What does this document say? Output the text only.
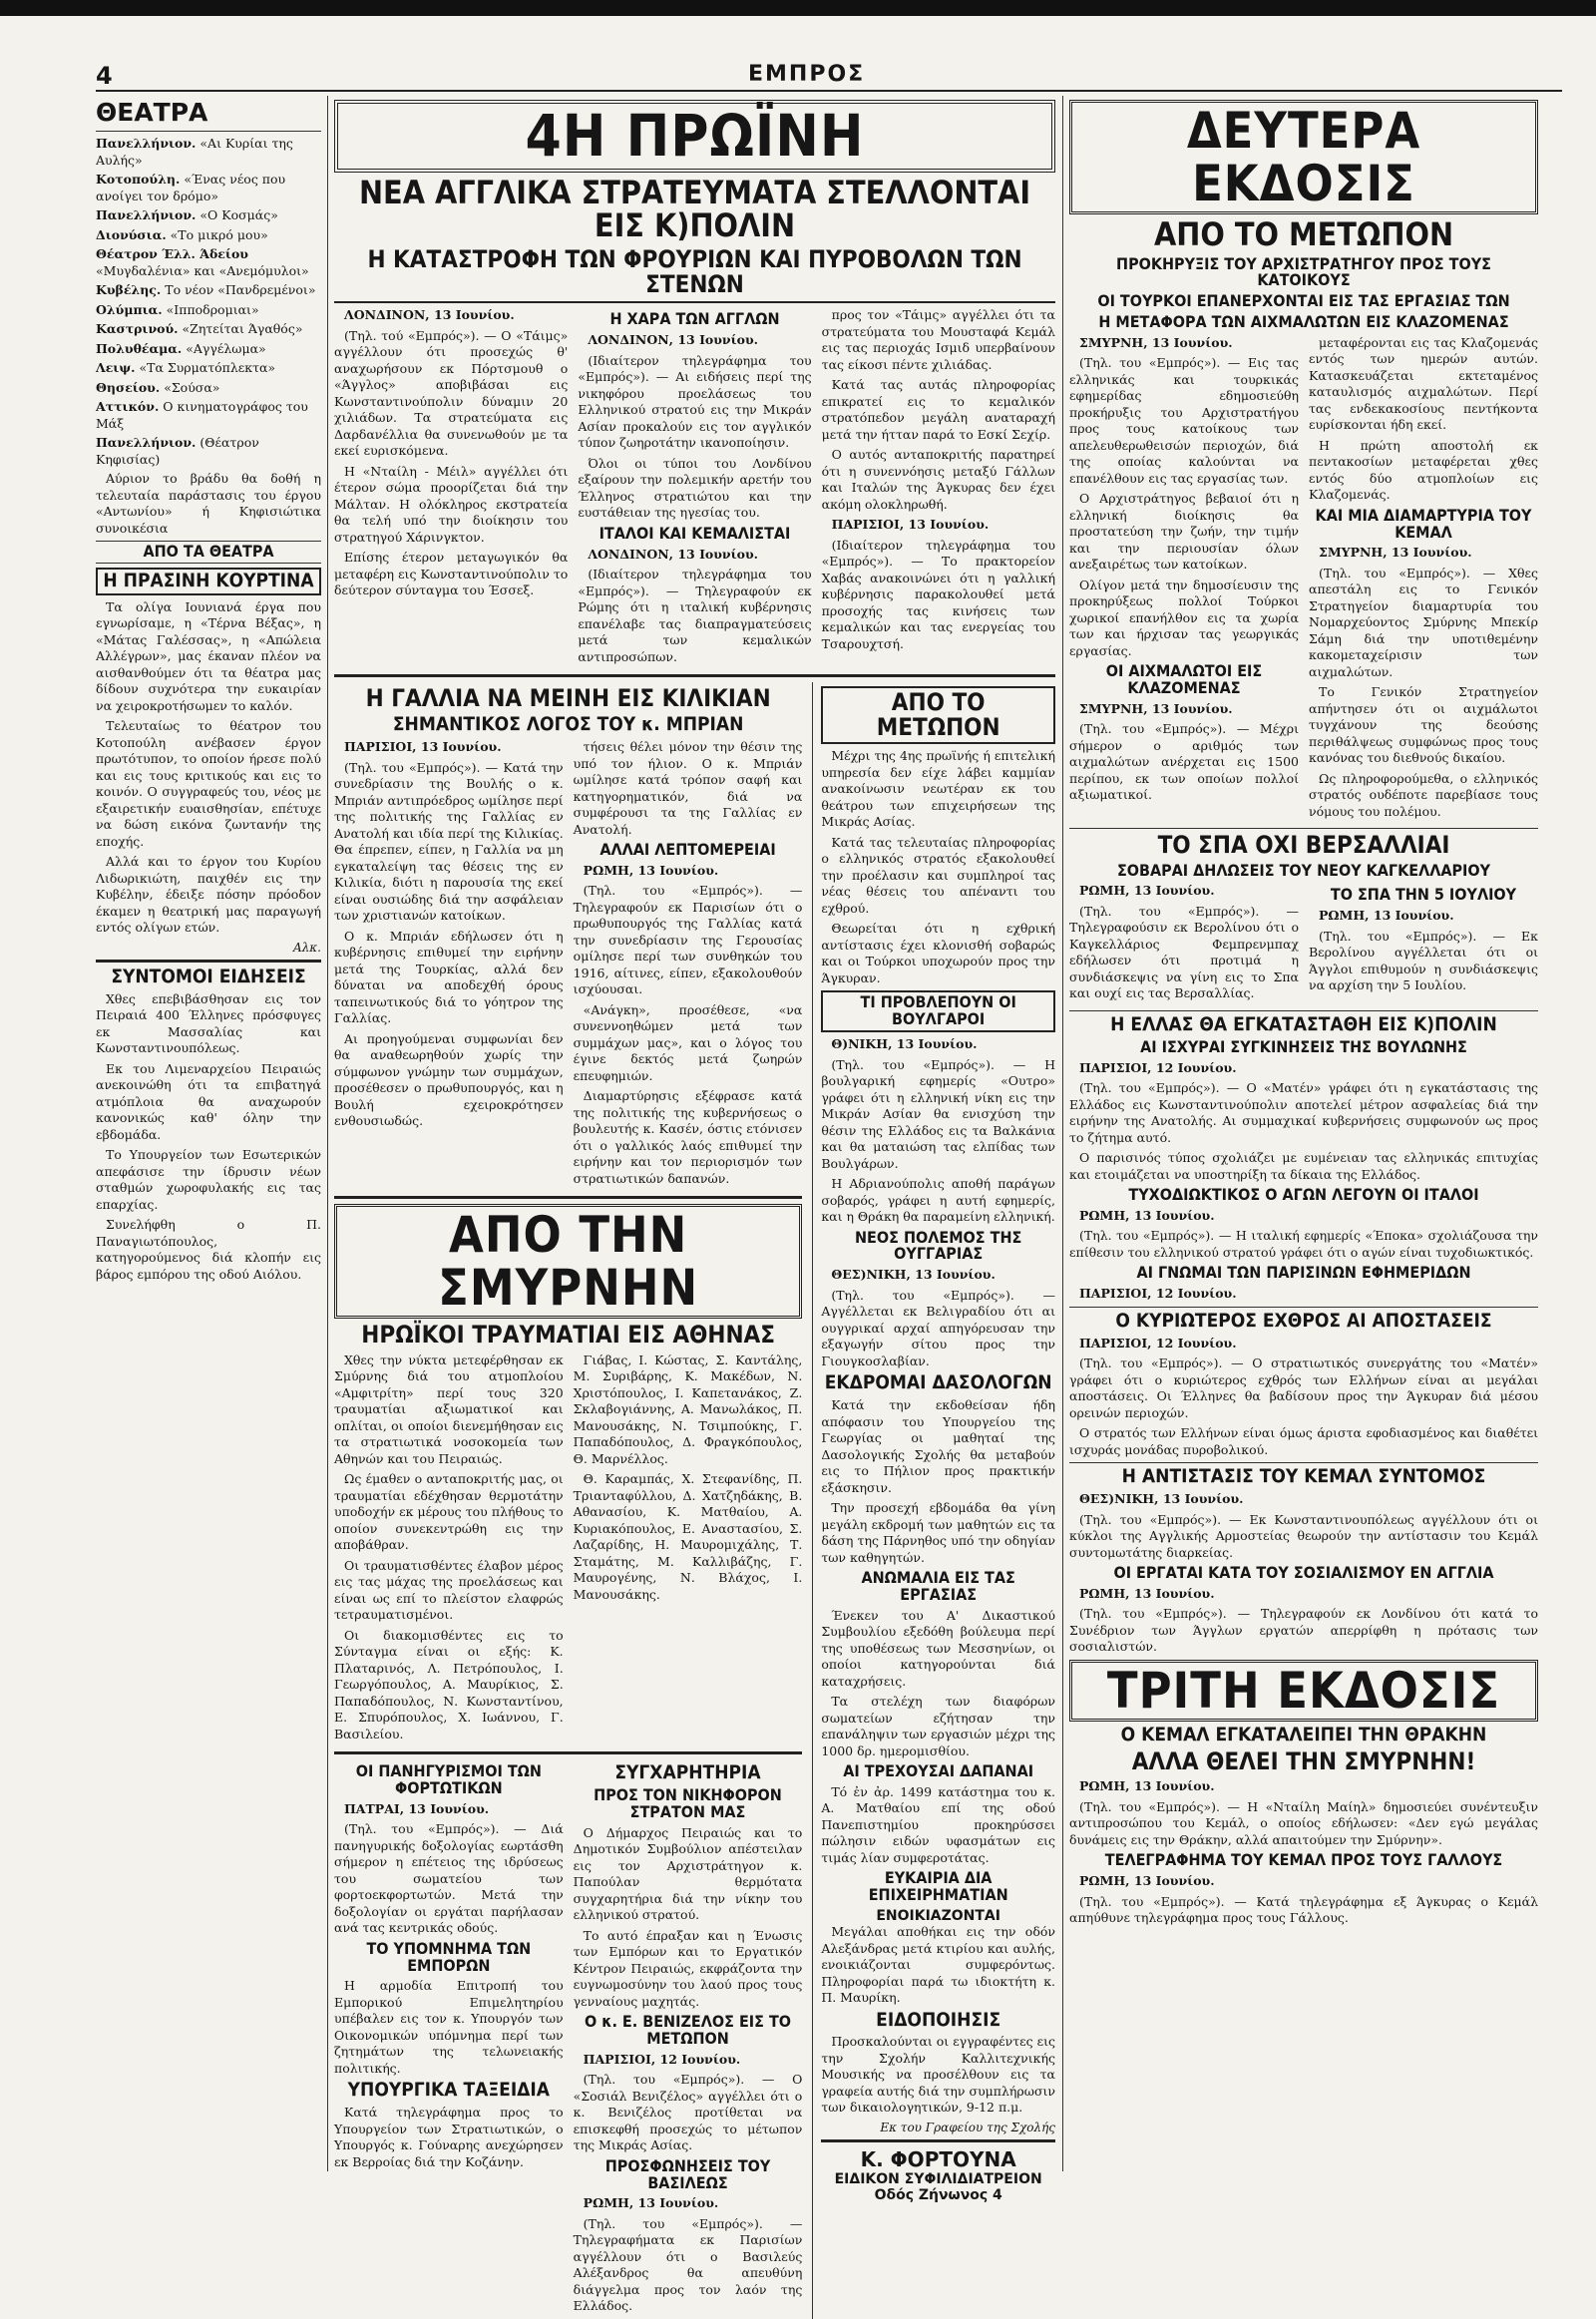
4	ΕΜΠΡΟΣ
ΘΕΑΤΡΑ
Πανελλήνιον. «Αι Κυρίαι της Αυλής»
Κοτοπούλη. «Ένας νέος που ανοίγει τον δρόμο»
Πανελλήνιον. «Ο Κοσμάς»
Διονύσια. «Το μικρό μου»
Θέατρον Έλλ. Άδείου «Μυγδαλένια» και «Ανεμόμυλοι»
Κυβέλης. Το νέον «Πανδρεμένοι»
Ολύμπια. «Ιπποδρομιαι»
Καστρινού. «Ζητείται Άγαθός»
Πολυθέαμα. «Αγγέλωμα»
Λειψ. «Τα Συρματόπλεκτα»
Θησείου. «Σούσα»
Αττικόν. Ο κινηματογράφος του Μάξ
Πανελλήνιον. (Θέατρον Κηφισίας)

Αύριον το βράδυ θα δοθή η τελευταία παράστασις του έργου «Αντωνίου» ή Κηφισιώτικα συνοικέσια

ΑΠΟ ΤΑ ΘΕΑΤΡΑ
Η ΠΡΑΣΙΝΗ ΚΟΥΡΤΙΝΑ

Τα ολίγα Ιουνιανά έργα που εγνωρίσαμε, η «Τέρνα Βέξας», η «Μάτας Γαλέσσας», η «Απώλεια Αλλέγρων», μας έκαναν πλέον να αισθανθούμεν ότι τα θέατρα μας δίδουν συχνότερα την ευκαιρίαν να χειροκροτήσωμεν το καλόν.

Τελευταίως το θέατρον του Κοτοπούλη ανέβασεν έργον πρωτότυπον, το οποίον ήρεσε πολύ και εις τους κριτικούς και εις το κοινόν. Ο συγγραφεύς του, νέος με εξαιρετικήν ευαισθησίαν, επέτυχε να δώση εικόνα ζωντανήν της εποχής.

Αλλά και το έργον του Κυρίου Λιδωρικιώτη, παιχθέν εις την Κυβέλην, έδειξε πόσην πρόοδον έκαμεν η θεατρική μας παραγωγή εντός ολίγων ετών.

Αλκ.
ΣΥΝΤΟΜΟΙ ΕΙΔΗΣΕΙΣ

Χθες επεβιβάσθησαν εις τον Πειραιά 400 Έλληνες πρόσφυγες εκ Μασσαλίας και Κωνσταντινουπόλεως.

Εκ του Λιμεναρχείου Πειραιώς ανεκοινώθη ότι τα επιβατηγά ατμόπλοια θα αναχωρούν κανονικώς καθ' όλην την εβδομάδα.

Το Υπουργείον των Εσωτερικών απεφάσισε την ίδρυσιν νέων σταθμών χωροφυλακής εις τας επαρχίας.

Συνελήφθη ο Π. Παναγιωτόπουλος, κατηγορούμενος διά κλοπήν εις βάρος εμπόρου της οδού Αιόλου.

4Η ΠΡΩΪΝΗ
ΝΕΑ ΑΓΓΛΙΚΑ ΣΤΡΑΤΕΥΜΑΤΑ ΣΤΕΛΛΟΝΤΑΙ ΕΙΣ Κ)ΠΟΛΙΝ
Η ΚΑΤΑΣΤΡΟΦΗ ΤΩΝ ΦΡΟΥΡΙΩΝ ΚΑΙ ΠΥΡΟΒΟΛΩΝ ΤΩΝ ΣΤΕΝΩΝ

ΛΟΝΔΙΝΟΝ, 13 Ιουνίου.

(Τηλ. τού «Εμπρός»). — Ο «Τάιμς» αγγέλλουν ότι προσεχώς θ' αναχωρήσουν εκ Πόρτσμουθ ο «Άγγλος» αποβιβάσαι εις Κωνσταντινούπολιν δύναμιν 20 χιλιάδων. Τα στρατεύματα εις Δαρδανέλλια θα συνενωθούν με τα εκεί ευρισκόμενα.

Η «Νταίλη - Μέιλ» αγγέλλει ότι έτερον σώμα προορίζεται διά την Μάλταν. Η ολόκληρος εκστρατεία θα τελή υπό την διοίκησιν του στρατηγού Χάρινγκτον.

Επίσης έτερον μεταγωγικόν θα μεταφέρη εις Κωνσταντινούπολιν το δεύτερον σύνταγμα του Έσσεξ.

Η ΧΑΡΑ ΤΩΝ ΑΓΓΛΩΝ

ΛΟΝΔΙΝΟΝ, 13 Ιουνίου.

(Ιδιαίτερον τηλεγράφημα του «Εμπρός»). — Αι ειδήσεις περί της νικηφόρου προελάσεως του Ελληνικού στρατού εις την Μικράν Ασίαν προκαλούν εις τον αγγλικόν τύπον ζωηροτάτην ικανοποίησιν.

Όλοι οι τύποι του Λονδίνου εξαίρουν την πολεμικήν αρετήν του Έλληνος στρατιώτου και την ευστάθειαν της ηγεσίας του.

ΙΤΑΛΟΙ ΚΑΙ ΚΕΜΑΛΙΣΤΑΙ

ΛΟΝΔΙΝΟΝ, 13 Ιουνίου.

(Ιδιαίτερον τηλεγράφημα του «Εμπρός»). — Τηλεγραφούν εκ Ρώμης ότι η ιταλική κυβέρνησις επανέλαβε τας διαπραγματεύσεις μετά των κεμαλικών αντιπροσώπων.

προς τον «Τάιμς» αγγέλλει ότι τα στρατεύματα του Μουσταφά Κεμάλ εις τας περιοχάς Ισμιδ υπερβαίνουν τας είκοσι πέντε χιλιάδας.

Κατά τας αυτάς πληροφορίας επικρατεί εις το κεμαλικόν στρατόπεδον μεγάλη αναταραχή μετά την ήτταν παρά το Εσκί Σεχίρ.

Ο αυτός ανταποκριτής παρατηρεί ότι η συνεννόησις μεταξύ Γάλλων και Ιταλών της Άγκυρας δεν έχει ακόμη ολοκληρωθή.

ΠΑΡΙΣΙΟΙ, 13 Ιουνίου.

(Ιδιαίτερον τηλεγράφημα του «Εμπρός»). — Το πρακτορείον Χαβάς ανακοινώνει ότι η γαλλική κυβέρνησις παρακολουθεί μετά προσοχής τας κινήσεις των κεμαλικών και τας ενεργείας του Τσαρουχτσή.

Η ΓΑΛΛΙΑ ΝΑ ΜΕΙΝΗ ΕΙΣ ΚΙΛΙΚΙΑΝ
ΣΗΜΑΝΤΙΚΟΣ ΛΟΓΟΣ ΤΟΥ κ. ΜΠΡΙΑΝ

ΠΑΡΙΣΙΟΙ, 13 Ιουνίου.

(Τηλ. του «Εμπρός»). — Κατά την συνεδρίασιν της Βουλής ο κ. Μπριάν αντιπρόεδρος ωμίλησε περί της πολιτικής της Γαλλίας εν Ανατολή και ιδία περί της Κιλικίας. Θα έπρεπεν, είπεν, η Γαλλία να μη εγκαταλείψη τας θέσεις της εν Κιλικία, διότι η παρουσία της εκεί είναι ουσιώδης διά την ασφάλειαν των χριστιανών κατοίκων.

Ο κ. Μπριάν εδήλωσεν ότι η κυβέρνησις επιθυμεί την ειρήνην μετά της Τουρκίας, αλλά δεν δύναται να αποδεχθή όρους ταπεινωτικούς διά το γόητρον της Γαλλίας.

Αι προηγούμεναι συμφωνίαι δεν θα αναθεωρηθούν χωρίς την σύμφωνον γνώμην των συμμάχων, προσέθεσεν ο πρωθυπουργός, και η Βουλή εχειροκρότησεν ενθουσιωδώς.

τήσεις θέλει μόνον την θέσιν της υπό τον ήλιον. Ο κ. Μπριάν ωμίλησε κατά τρόπον σαφή και κατηγορηματικόν, διά να συμφέρουσι τα της Γαλλίας εν Ανατολή.

ΑΛΛΑΙ ΛΕΠΤΟΜΕΡΕΙΑΙ

ΡΩΜΗ, 13 Ιουνίου.

(Τηλ. του «Εμπρός»). — Τηλεγραφούν εκ Παρισίων ότι ο πρωθυπουργός της Γαλλίας κατά την συνεδρίασιν της Γερουσίας ομίλησε περί των συνθηκών του 1916, αίτινες, είπεν, εξακολουθούν ισχύουσαι.

«Ανάγκη», προσέθεσε, «να συνεννοηθώμεν μετά των συμμάχων μας», και ο λόγος του έγινε δεκτός μετά ζωηρών επευφημιών.

Διαμαρτύρησις εξέφρασε κατά της πολιτικής της κυβερνήσεως ο βουλευτής κ. Κασέν, όστις ετόνισεν ότι ο γαλλικός λαός επιθυμεί την ειρήνην και τον περιορισμόν των στρατιωτικών δαπανών.

ΑΠΟ ΤΗΝ ΣΜΥΡΝΗΝ
ΗΡΩΪΚΟΙ ΤΡΑΥΜΑΤΙΑΙ ΕΙΣ ΑΘΗΝΑΣ

Χθες την νύκτα μετεφέρθησαν εκ Σμύρνης διά του ατμοπλοίου «Αμφιτρίτη» περί τους 320 τραυματίαι αξιωματικοί και οπλίται, οι οποίοι διενεμήθησαν εις τα στρατιωτικά νοσοκομεία των Αθηνών και του Πειραιώς.

Ως έμαθεν ο ανταποκριτής μας, οι τραυματίαι εδέχθησαν θερμοτάτην υποδοχήν εκ μέρους του πλήθους το οποίον συνεκεντρώθη εις την αποβάθραν.

Οι τραυματισθέντες έλαβον μέρος εις τας μάχας της προελάσεως και είναι ως επί το πλείστον ελαφρώς τετραυματισμένοι.

Οι διακομισθέντες εις το Σύνταγμα είναι οι εξής: Κ. Πλαταρινός, Λ. Πετρόπουλος, Ι. Γεωργόπουλος, Α. Μαυρίκιος, Σ. Παπαδόπουλος, Ν. Κωνσταντίνου, Ε. Σπυρόπουλος, Χ. Ιωάννου, Γ. Βασιλείου.

Γιάβας, Ι. Κώστας, Σ. Καντάλης, Μ. Συριβάρης, Κ. Μακέδων, Ν. Χριστόπουλος, Ι. Καπετανάκος, Ζ. Σκλαβογιάννης, Α. Μανωλάκος, Π. Μανουσάκης, Ν. Τσιμπούκης, Γ. Παπαδόπουλος, Δ. Φραγκόπουλος, Θ. Μαρνέλλος.

Θ. Καραμπάς, Χ. Στεφανίδης, Π. Τριανταφύλλου, Δ. Χατζηδάκης, Β. Αθανασίου, Κ. Ματθαίου, Α. Κυριακόπουλος, Ε. Αναστασίου, Σ. Λαζαρίδης, Η. Μαυρομιχάλης, Τ. Σταμάτης, Μ. Καλλιβάζης, Γ. Μαυρογένης, Ν. Βλάχος, Ι. Μανουσάκης.

ΟΙ ΠΑΝΗΓΥΡΙΣΜΟΙ ΤΩΝ ΦΟΡΤΩΤΙΚΩΝ

ΠΑΤΡΑΙ, 13 Ιουνίου.

(Τηλ. του «Εμπρός»). — Διά πανηγυρικής δοξολογίας εωρτάσθη σήμερον η επέτειος της ιδρύσεως του σωματείου των φορτοεκφορτωτών. Μετά την δοξολογίαν οι εργάται παρήλασαν ανά τας κεντρικάς οδούς.

ΤΟ ΥΠΟΜΝΗΜΑ ΤΩΝ ΕΜΠΟΡΩΝ

Η αρμοδία Επιτροπή του Εμπορικού Επιμελητηρίου υπέβαλεν εις τον κ. Υπουργόν των Οικονομικών υπόμνημα περί των ζητημάτων της τελωνειακής πολιτικής.

ΥΠΟΥΡΓΙΚΑ ΤΑΞΕΙΔΙΑ

Κατά τηλεγράφημα προς το Υπουργείον των Στρατιωτικών, ο Υπουργός κ. Γούναρης ανεχώρησεν εκ Βερροίας διά την Κοζάνην.

ΣΥΓΧΑΡΗΤΗΡΙΑ
ΠΡΟΣ ΤΟΝ ΝΙΚΗΦΟΡΟΝ ΣΤΡΑΤΟΝ ΜΑΣ

Ο Δήμαρχος Πειραιώς και το Δημοτικόν Συμβούλιον απέστειλαν εις τον Αρχιστράτηγον κ. Παπούλαν θερμότατα συγχαρητήρια διά την νίκην του ελληνικού στρατού.

Το αυτό έπραξαν και η Ένωσις των Εμπόρων και το Εργατικόν Κέντρον Πειραιώς, εκφράζοντα την ευγνωμοσύνην του λαού προς τους γενναίους μαχητάς.

Ο κ. Ε. ΒΕΝΙΖΕΛΟΣ ΕΙΣ ΤΟ ΜΕΤΩΠΟΝ

ΠΑΡΙΣΙΟΙ, 12 Ιουνίου.

(Τηλ. του «Εμπρός»). — Ο «Σοσιάλ Βενιζέλος» αγγέλλει ότι ο κ. Βενιζέλος προτίθεται να επισκεφθή προσεχώς το μέτωπον της Μικράς Ασίας.

ΠΡΟΣΦΩΝΗΣΕΙΣ ΤΟΥ ΒΑΣΙΛΕΩΣ

ΡΩΜΗ, 13 Ιουνίου.

(Τηλ. του «Εμπρός»). — Τηλεγραφήματα εκ Παρισίων αγγέλλουν ότι ο Βασιλεύς Αλέξανδρος θα απευθύνη διάγγελμα προς τον λαόν της Ελλάδος.

ΑΠΟ ΤΟ ΜΕΤΩΠΟΝ

Μέχρι της 4ης πρωϊνής ή επιτελική υπηρεσία δεν είχε λάβει καμμίαν ανακοίνωσιν νεωτέραν εκ του θεάτρου των επιχειρήσεων της Μικράς Ασίας.

Κατά τας τελευταίας πληροφορίας ο ελληνικός στρατός εξακολουθεί την προέλασιν και συμπληροί τας νέας θέσεις του απέναντι του εχθρού.

Θεωρείται ότι η εχθρική αντίστασις έχει κλονισθή σοβαρώς και οι Τούρκοι υποχωρούν προς την Άγκυραν.

ΤΙ ΠΡΟΒΛΕΠΟΥΝ ΟΙ ΒΟΥΛΓΑΡΟΙ

Θ)ΝΙΚΗ, 13 Ιουνίου.

(Τηλ. του «Εμπρός»). — Η βουλγαρική εφημερίς «Ουτρο» γράφει ότι η ελληνική νίκη εις την Μικράν Ασίαν θα ενισχύση την θέσιν της Ελλάδος εις τα Βαλκάνια και θα ματαιώση τας ελπίδας των Βουλγάρων.

Η Αδριανούπολις αποθή παράγων σοβαρός, γράφει η αυτή εφημερίς, και η Θράκη θα παραμείνη ελληνική.

ΝΕΟΣ ΠΟΛΕΜΟΣ ΤΗΣ ΟΥΓΓΑΡΙΑΣ

ΘΕΣ)ΝΙΚΗ, 13 Ιουνίου.

(Τηλ. του «Εμπρός»). — Αγγέλλεται εκ Βελιγραδίου ότι αι ουγγρικαί αρχαί απηγόρευσαν την εξαγωγήν σίτου προς την Γιουγκοσλαβίαν.

ΕΚΔΡΟΜΑΙ ΔΑΣΟΛΟΓΩΝ

Κατά την εκδοθείσαν ήδη απόφασιν του Υπουργείου της Γεωργίας οι μαθηταί της Δασολογικής Σχολής θα μεταβούν εις το Πήλιον προς πρακτικήν εξάσκησιν.

Την προσεχή εβδομάδα θα γίνη μεγάλη εκδρομή των μαθητών εις τα δάση της Πάρνηθος υπό την οδηγίαν των καθηγητών.

ΑΝΩΜΑΛΙΑ ΕΙΣ ΤΑΣ ΕΡΓΑΣΙΑΣ

Ένεκεν του Α' Δικαστικού Συμβουλίου εξεδόθη βούλευμα περί της υποθέσεως των Μεσσηνίων, οι οποίοι κατηγορούνται διά καταχρήσεις.

Τα στελέχη των διαφόρων σωματείων εζήτησαν την επανάληψιν των εργασιών μέχρι της 1000 δρ. ημερομισθίου.

ΑΙ ΤΡΕΧΟΥΣΑΙ ΔΑΠΑΝΑΙ

Τό ἐν ἀρ. 1499 κατάστημα του κ. Α. Ματθαίου επί της οδού Πανεπιστημίου προκηρύσσει πώλησιν ειδών υφασμάτων εις τιμάς λίαν συμφεροτάτας.

ΕΥΚΑΙΡΙΑ ΔΙΑ ΕΠΙΧΕΙΡΗΜΑΤΙΑΝ
ΕΝΟΙΚΙΑΖΟΝΤΑΙ

Μεγάλαι αποθήκαι εις την οδόν Αλεξάνδρας μετά κτιρίου και αυλής, ενοικιάζονται συμφερόντως. Πληροφορίαι παρά τω ιδιοκτήτη κ. Π. Μαυρίκη.

ΕΙΔΟΠΟΙΗΣΙΣ

Προσκαλούνται οι εγγραφέντες εις την Σχολήν Καλλιτεχνικής Μουσικής να προσέλθουν εις τα γραφεία αυτής διά την συμπλήρωσιν των δικαιολογητικών, 9-12 π.μ.

Εκ του Γραφείου της Σχολής
Κ. ΦΟΡΤΟΥΝΑ
ΕΙΔΙΚΟΝ ΣΥΦΙΛΙΔΙΑΤΡΕΙΟΝ
Οδός Ζήνωνος 4
ΔΕΥΤΕΡΑ ΕΚΔΟΣΙΣ
ΑΠΟ ΤΟ ΜΕΤΩΠΟΝ
ΠΡΟΚΗΡΥΞΙΣ ΤΟΥ ΑΡΧΙΣΤΡΑΤΗΓΟΥ ΠΡΟΣ ΤΟΥΣ ΚΑΤΟΙΚΟΥΣ
ΟΙ ΤΟΥΡΚΟΙ ΕΠΑΝΕΡΧΟΝΤΑΙ ΕΙΣ ΤΑΣ ΕΡΓΑΣΙΑΣ ΤΩΝ
Η ΜΕΤΑΦΟΡΑ ΤΩΝ ΑΙΧΜΑΛΩΤΩΝ ΕΙΣ ΚΛΑΖΟΜΕΝΑΣ

ΣΜΥΡΝΗ, 13 Ιουνίου.

(Τηλ. του «Εμπρός»). — Εις τας ελληνικάς και τουρκικάς εφημερίδας εδημοσιεύθη προκήρυξις του Αρχιστρατήγου προς τους κατοίκους των απελευθερωθεισών περιοχών, διά της οποίας καλούνται να επανέλθουν εις τας εργασίας των.

Ο Αρχιστράτηγος βεβαιοί ότι η ελληνική διοίκησις θα προστατεύση την ζωήν, την τιμήν και την περιουσίαν όλων ανεξαιρέτως των κατοίκων.

Ολίγον μετά την δημοσίευσιν της προκηρύξεως πολλοί Τούρκοι χωρικοί επανήλθον εις τα χωρία των και ήρχισαν τας γεωργικάς εργασίας.

ΟΙ ΑΙΧΜΑΛΩΤΟΙ ΕΙΣ ΚΛΑΖΟΜΕΝΑΣ

ΣΜΥΡΝΗ, 13 Ιουνίου.

(Τηλ. του «Εμπρός»). — Μέχρι σήμερον ο αριθμός των αιχμαλώτων ανέρχεται εις 1500 περίπου, εκ των οποίων πολλοί αξιωματικοί.

μεταφέρονται εις τας Κλαζομενάς εντός των ημερών αυτών. Κατασκευάζεται εκτεταμένος καταυλισμός αιχμαλώτων. Περί τας ενδεκακοσίους πεντήκοντα ευρίσκονται ήδη εκεί.

Η πρώτη αποστολή εκ πεντακοσίων μεταφέρεται χθες εντός δύο ατμοπλοίων εις Κλαζομενάς.

ΚΑΙ ΜΙΑ ΔΙΑΜΑΡΤΥΡΙΑ ΤΟΥ ΚΕΜΑΛ

ΣΜΥΡΝΗ, 13 Ιουνίου.

(Τηλ. του «Εμπρός»). — Χθες απεστάλη εις το Γενικόν Στρατηγείον διαμαρτυρία του Νομαρχεύοντος Σμύρνης Μπεκίρ Σάμη διά την υποτιθεμένην κακομεταχείρισιν των αιχμαλώτων.

Το Γενικόν Στρατηγείον απήντησεν ότι οι αιχμάλωτοι τυγχάνουν της δεούσης περιθάλψεως συμφώνως προς τους κανόνας του διεθνούς δικαίου.

Ως πληροφορούμεθα, ο ελληνικός στρατός ουδέποτε παρεβίασε τους νόμους του πολέμου.

ΤΟ ΣΠΑ ΟΧΙ ΒΕΡΣΑΛΛΙΑΙ
ΣΟΒΑΡΑΙ ΔΗΛΩΣΕΙΣ ΤΟΥ ΝΕΟΥ ΚΑΓΚΕΛΛΑΡΙΟΥ

ΡΩΜΗ, 13 Ιουνίου.

(Τηλ. του «Εμπρός»). — Τηλεγραφούσιν εκ Βερολίνου ότι ο Καγκελλάριος Φεμπρενμπαχ εδήλωσεν ότι προτιμά η συνδιάσκεψις να γίνη εις το Σπα και ουχί εις τας Βερσαλλίας.

ΤΟ ΣΠΑ ΤΗΝ 5 ΙΟΥΛΙΟΥ

ΡΩΜΗ, 13 Ιουνίου.

(Τηλ. του «Εμπρός»). — Εκ Βερολίνου αγγέλλεται ότι οι Άγγλοι επιθυμούν η συνδιάσκεψις να αρχίση την 5 Ιουλίου.

Η ΕΛΛΑΣ ΘΑ ΕΓΚΑΤΑΣΤΑΘΗ ΕΙΣ Κ)ΠΟΛΙΝ
ΑΙ ΙΣΧΥΡΑΙ ΣΥΓΚΙΝΗΣΕΙΣ ΤΗΣ ΒΟΥΛΩΝΗΣ

ΠΑΡΙΣΙΟΙ, 12 Ιουνίου.

(Τηλ. του «Εμπρός»). — Ο «Ματέν» γράφει ότι η εγκατάστασις της Ελλάδος εις Κωνσταντινούπολιν αποτελεί μέτρον ασφαλείας διά την ειρήνην της Ανατολής. Αι συμμαχικαί κυβερνήσεις συμφωνούν ως προς το ζήτημα αυτό.

Ο παρισινός τύπος σχολιάζει με ευμένειαν τας ελληνικάς επιτυχίας και ετοιμάζεται να υποστηρίξη τα δίκαια της Ελλάδος.

ΤΥΧΟΔΙΩΚΤΙΚΟΣ Ο ΑΓΩΝ ΛΕΓΟΥΝ ΟΙ ΙΤΑΛΟΙ

ΡΩΜΗ, 13 Ιουνίου.

(Τηλ. του «Εμπρός»). — Η ιταλική εφημερίς «Έποκα» σχολιάζουσα την επίθεσιν του ελληνικού στρατού γράφει ότι ο αγών είναι τυχοδιωκτικός.

ΑΙ ΓΝΩΜΑΙ ΤΩΝ ΠΑΡΙΣΙΝΩΝ ΕΦΗΜΕΡΙΔΩΝ

ΠΑΡΙΣΙΟΙ, 12 Ιουνίου.

Ο ΚΥΡΙΩΤΕΡΟΣ ΕΧΘΡΟΣ ΑΙ ΑΠΟΣΤΑΣΕΙΣ

ΠΑΡΙΣΙΟΙ, 12 Ιουνίου.

(Τηλ. του «Εμπρός»). — Ο στρατιωτικός συνεργάτης του «Ματέν» γράφει ότι ο κυριώτερος εχθρός των Ελλήνων είναι αι μεγάλαι αποστάσεις. Οι Έλληνες θα βαδίσουν προς την Άγκυραν διά μέσου ορεινών περιοχών.

Ο στρατός των Ελλήνων είναι όμως άριστα εφοδιασμένος και διαθέτει ισχυράς μονάδας πυροβολικού.

Η ΑΝΤΙΣΤΑΣΙΣ ΤΟΥ ΚΕΜΑΛ ΣΥΝΤΟΜΟΣ

ΘΕΣ)ΝΙΚΗ, 13 Ιουνίου.

(Τηλ. του «Εμπρός»). — Εκ Κωνσταντινουπόλεως αγγέλλουν ότι οι κύκλοι της Αγγλικής Αρμοστείας θεωρούν την αντίστασιν του Κεμάλ συντομωτάτης διαρκείας.

ΟΙ ΕΡΓΑΤΑΙ ΚΑΤΑ ΤΟΥ ΣΟΣΙΑΛΙΣΜΟΥ ΕΝ ΑΓΓΛΙΑ

ΡΩΜΗ, 13 Ιουνίου.

(Τηλ. του «Εμπρός»). — Τηλεγραφούν εκ Λονδίνου ότι κατά το Συνέδριον των Άγγλων εργατών απερρίφθη η πρότασις των σοσιαλιστών.

ΤΡΙΤΗ ΕΚΔΟΣΙΣ
Ο ΚΕΜΑΛ ΕΓΚΑΤΑΛΕΙΠΕΙ ΤΗΝ ΘΡΑΚΗΝ
ΑΛΛΑ ΘΕΛΕΙ ΤΗΝ ΣΜΥΡΝΗΝ!

ΡΩΜΗ, 13 Ιουνίου.

(Τηλ. του «Εμπρός»). — Η «Νταίλη Μαίηλ» δημοσιεύει συνέντευξιν αντιπροσώπου του Κεμάλ, ο οποίος εδήλωσεν: «Δεν εγώ μεγάλας δυνάμεις εις την Θράκην, αλλά απαιτούμεν την Σμύρνην».

ΤΕΛΕΓΡΑΦΗΜΑ ΤΟΥ ΚΕΜΑΛ ΠΡΟΣ ΤΟΥΣ ΓΑΛΛΟΥΣ

ΡΩΜΗ, 13 Ιουνίου.

(Τηλ. του «Εμπρός»). — Κατά τηλεγράφημα εξ Άγκυρας ο Κεμάλ απηύθυνε τηλεγράφημα προς τους Γάλλους.
